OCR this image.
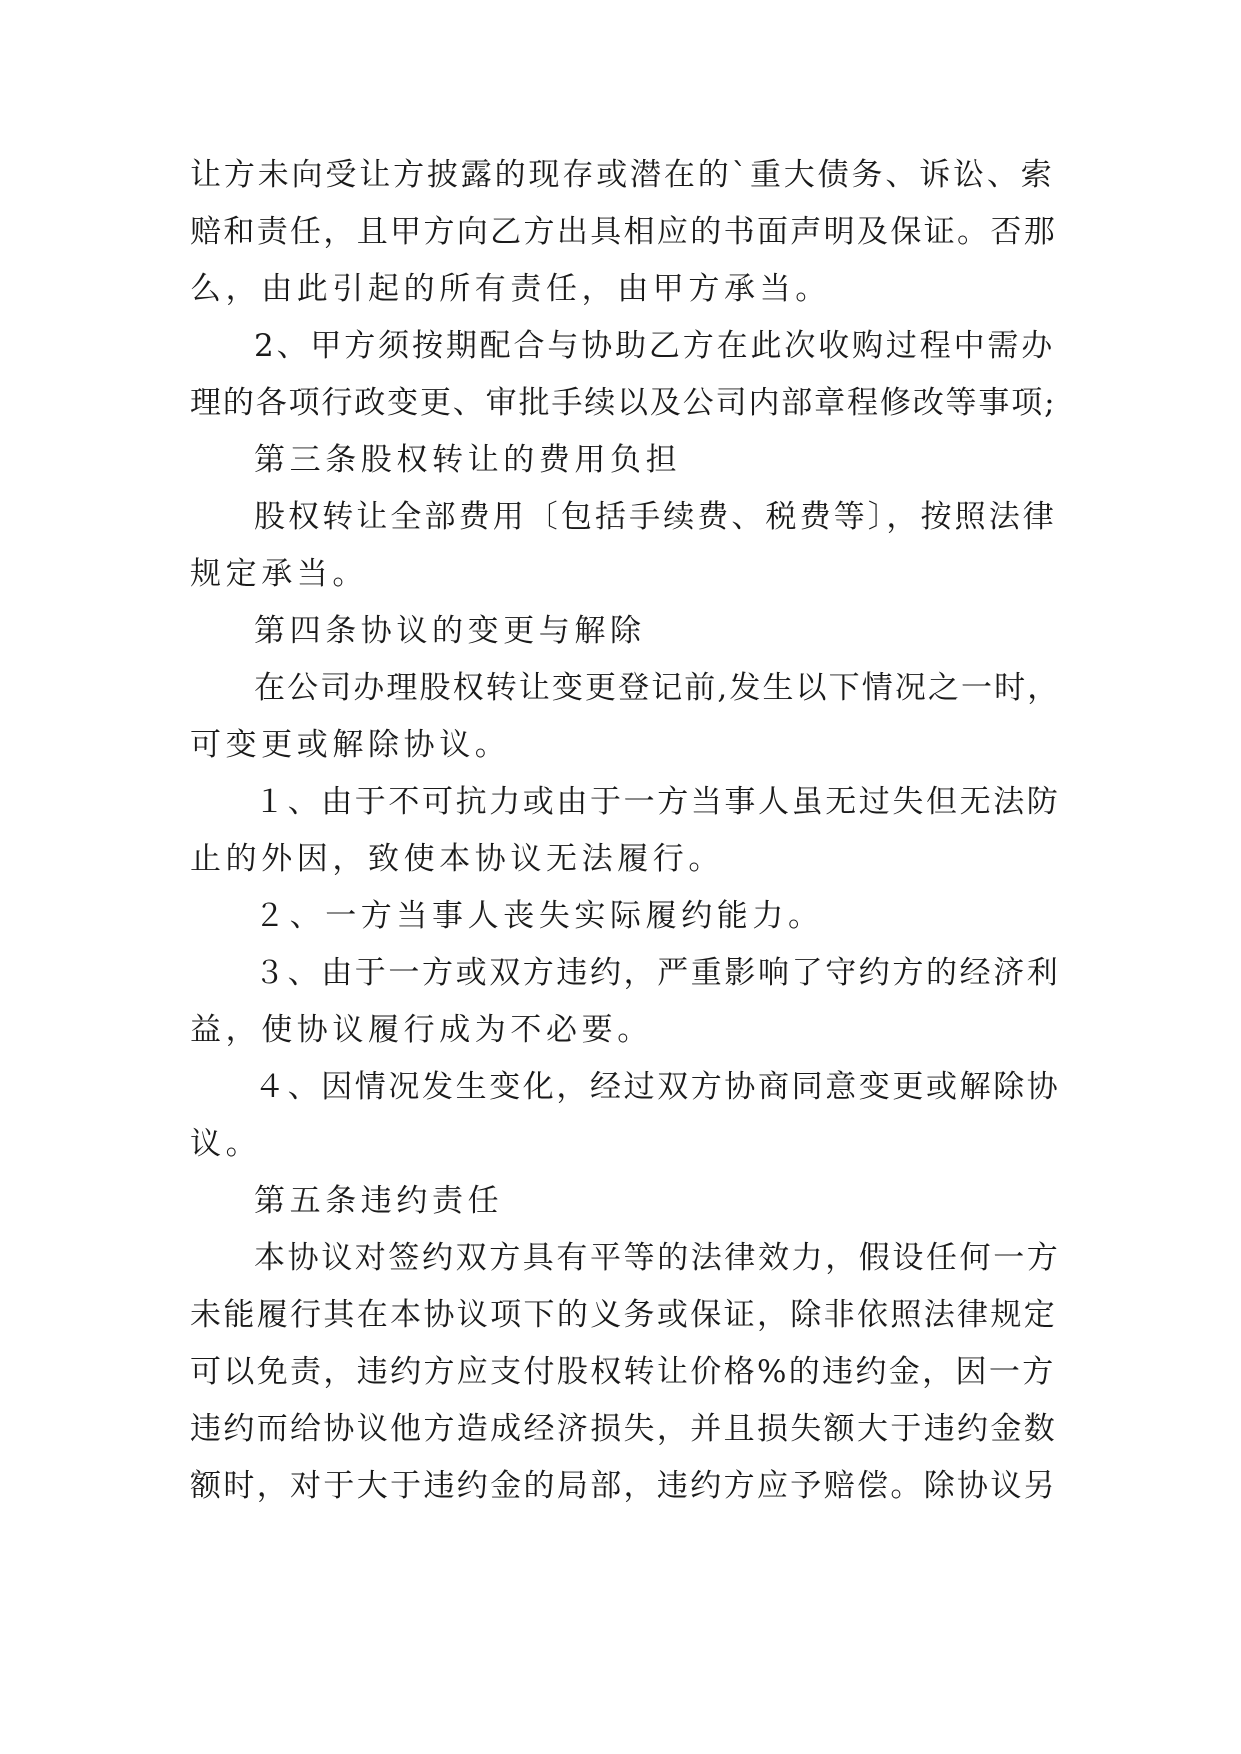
让方未向受让方披露的现存或潜在的`重大债务、诉讼、索
赔和责任，且甲方向乙方出具相应的书面声明及保证。否那
么，由此引起的所有责任，由甲方承当。
2、甲方须按期配合与协助乙方在此次收购过程中需办
理的各项行政变更、审批手续以及公司内部章程修改等事项;
第三条股权转让的费用负担
股权转让全部费用〔包括手续费、税费等〕，按照法律
规定承当。
第四条协议的变更与解除
在公司办理股权转让变更登记前,发生以下情况之一时，
可变更或解除协议。
１、由于不可抗力或由于一方当事人虽无过失但无法防
止的外因，致使本协议无法履行。
２、一方当事人丧失实际履约能力。
３、由于一方或双方违约，严重影响了守约方的经济利
益，使协议履行成为不必要。
４、因情况发生变化，经过双方协商同意变更或解除协
议。
第五条违约责任
本协议对签约双方具有平等的法律效力，假设任何一方
未能履行其在本协议项下的义务或保证，除非依照法律规定
可以免责，违约方应支付股权转让价格%的违约金，因一方
违约而给协议他方造成经济损失，并且损失额大于违约金数
额时，对于大于违约金的局部，违约方应予赔偿。除协议另
